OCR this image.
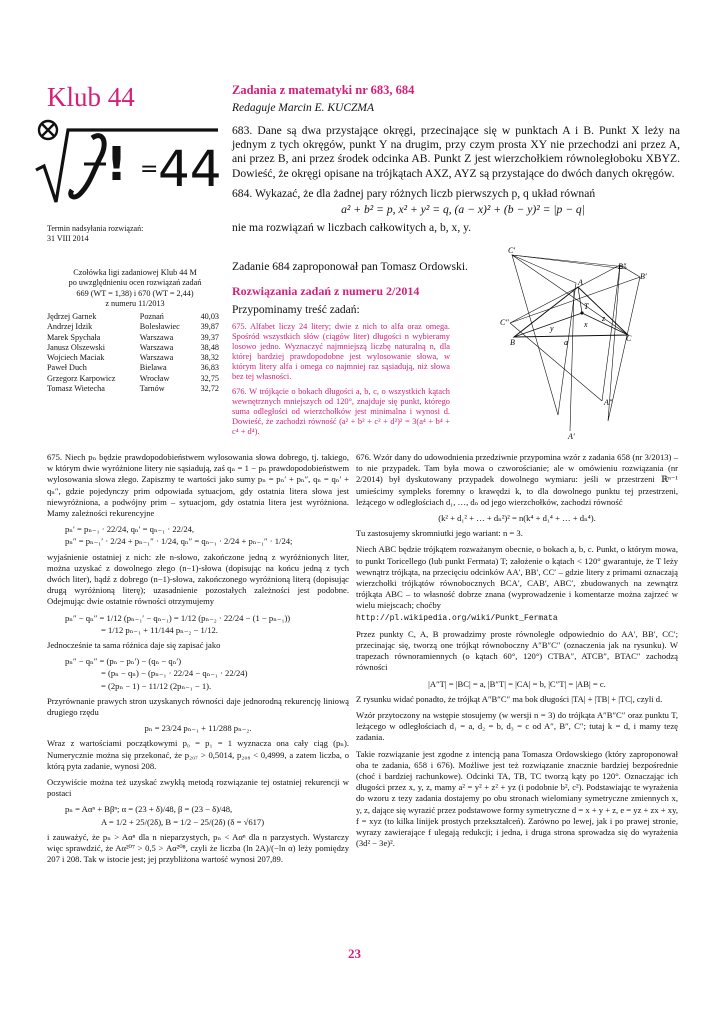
Klub 44
! = 44
Termin nadsyłania rozwiązań:
31 VIII 2014
Czołówka ligi zadaniowej Klub 44 M
po uwzględnieniu ocen rozwiązań zadań
669 (WT = 1,38) i 670 (WT = 2,44)
z numeru 11/2013
Jędrzej Garnek	Poznań	40,03
Andrzej Idzik	Bolesławiec	39,87
Marek Spychała	Warszawa	39,37
Janusz Olszewski	Warszawa	38,48
Wojciech Maciak	Warszawa	38,32
Paweł Duch	Bielawa	36,83
Grzegorz Karpowicz	Wrocław	32,75
Tomasz Wietecha	Tarnów	32,72
Zadania z matematyki nr 683, 684
Redaguje Marcin E. KUCZMA

683. Dane są dwa przystające okręgi, przecinające się w punktach A i B. Punkt X leży na jednym z tych okręgów, punkt Y na drugim, przy czym prosta XY nie przechodzi ani przez A, ani przez B, ani przez środek odcinka AB. Punkt Z jest wierzchołkiem równoległoboku XBYZ. Dowieść, że okręgi opisane na trójkątach AXZ, AYZ są przystające do dwóch danych okręgów.

684. Wykazać, że dla żadnej pary różnych liczb pierwszych p, q układ równań

a² + b² = p, x² + y² = q, (a − x)² + (b − y)² = |p − q|

nie ma rozwiązań w liczbach całkowitych a, b, x, y.

Zadanie 684 zaproponował pan Tomasz Ordowski.
Rozwiązania zadań z numeru 2/2014
Przypominamy treść zadań:
675. Alfabet liczy 24 litery; dwie z nich to alfa oraz omega. Spośród wszystkich słów (ciągów liter) długości n wybieramy losowo jedno. Wyznaczyć najmniejszą liczbę naturalną n, dla której bardziej prawdopodobne jest wylosowanie słowa, w którym litery alfa i omega co najmniej raz sąsiadują, niż słowa bez tej własności.
676. W trójkącie o bokach długości a, b, c, o wszystkich kątach wewnętrznych mniejszych od 120°, znajduje się punkt, którego suma odległości od wierzchołków jest minimalna i wynosi d. Dowieść, że zachodzi równość (a² + b² + c² + d²)² = 3(a⁴ + b⁴ + c⁴ + d⁴).
C′
B″
B′
A
T
C″
B	C
A″
A′
a
x
y
z

675. Niech pₙ będzie prawdopodobieństwem wylosowania słowa dobrego, tj. takiego, w którym dwie wyróżnione litery nie sąsiadują, zaś qₙ = 1 − pₙ prawdopodobieństwem wylosowania słowa złego. Zapiszmy te wartości jako sumy pₙ = pₙ′ + pₙ″, qₙ = qₙ′ + qₙ″, gdzie pojedynczy prim odpowiada sytuacjom, gdy ostatnia litera słowa jest niewyróżniona, a podwójny prim – sytuacjom, gdy ostatnia litera jest wyróżniona. Mamy zależności rekurencyjne

pₙ′ = pₙ₋₁ · 22/24, qₙ′ = qₙ₋₁ · 22/24,
pₙ″ = pₙ₋₁′ · 2/24 + pₙ₋₁″ · 1/24, qₙ″ = qₙ₋₁ · 2/24 + pₙ₋₁″ · 1/24;

wyjaśnienie ostatniej z nich: złe n-słowo, zakończone jedną z wyróżnionych liter, można uzyskać z dowolnego złego (n−1)-słowa (dopisując na końcu jedną z tych dwóch liter), bądź z dobrego (n−1)-słowa, zakończonego wyróżnioną literą (dopisując drugą wyróżnioną literę); uzasadnienie pozostałych zależności jest podobne. Odejmując dwie ostatnie równości otrzymujemy

pₙ″ − qₙ″ = 1/12 (pₙ₋₁′ − qₙ₋₁) = 1/12 (pₙ₋₂ · 22/24 − (1 − pₙ₋₁))
= 1/12 pₙ₋₁ + 11/144 pₙ₋₂ − 1/12.

Jednocześnie ta sama różnica daje się zapisać jako

pₙ″ − qₙ″ = (pₙ − pₙ′) − (qₙ − qₙ′)
= (pₙ − qₙ) − (pₙ₋₁ · 22/24 − qₙ₋₁ · 22/24)
= (2pₙ − 1) − 11/12 (2pₙ₋₁ − 1).

Przyrównanie prawych stron uzyskanych równości daje jednorodną rekurencję liniową drugiego rzędu

pₙ = 23/24 pₙ₋₁ + 11/288 pₙ₋₂.

Wraz z wartościami początkowymi p₀ = p₁ = 1 wyznacza ona cały ciąg (pₙ). Numerycznie można się przekonać, że p₂₀₇ > 0,5014, p₂₀₈ < 0,4999, a zatem liczba, o którą pyta zadanie, wynosi 208.

Oczywiście można też uzyskać zwykłą metodą rozwiązanie tej ostatniej rekurencji w postaci

pₙ = Aαⁿ + Bβⁿ; α = (23 + δ)/48, β = (23 − δ)/48,
A = 1/2 + 25/(2δ), B = 1/2 − 25/(2δ) (δ = √617)

i zauważyć, że pₙ > Aαⁿ dla n nieparzystych, pₙ < Aαⁿ dla n parzystych. Wystarczy więc sprawdzić, że Aα²⁰⁷ > 0,5 > Aα²⁰⁸, czyli że liczba (ln 2A)/(−ln α) leży pomiędzy 207 i 208. Tak w istocie jest; jej przybliżona wartość wynosi 207,89.

676. Wzór dany do udowodnienia przedziwnie przypomina wzór z zadania 658 (nr 3/2013) – to nie przypadek. Tam była mowa o czworościanie; ale w omówieniu rozwiązania (nr 2/2014) był dyskutowany przypadek dowolnego wymiaru: jeśli w przestrzeni ℝⁿ⁻¹ umieścimy sympleks foremny o krawędzi k, to dla dowolnego punktu tej przestrzeni, leżącego w odległościach d₁, …, dₙ od jego wierzchołków, zachodzi równość

(k² + d₁² + … + dₙ²)² = n(k⁴ + d₁⁴ + … + dₙ⁴).

Tu zastosujemy skromniutki jego wariant: n = 3.

Niech ABC będzie trójkątem rozważanym obecnie, o bokach a, b, c. Punkt, o którym mowa, to punkt Toricellego (lub punkt Fermata) T; założenie o kątach < 120° gwarantuje, że T leży wewnątrz trójkąta, na przecięciu odcinków AA′, BB′, CC′ – gdzie litery z primami oznaczają wierzchołki trójkątów równobocznych BCA′, CAB′, ABC′, zbudowanych na zewnątrz trójkąta ABC – to własność dobrze znana (wyprowadzenie i komentarze można zajrzeć w wielu miejscach; choćby

http://pl.wikipedia.org/wiki/Punkt_Fermata

Przez punkty C, A, B prowadzimy proste równoległe odpowiednio do AA′, BB′, CC′; przecinając się, tworzą one trójkąt równoboczny A″B″C″ (oznaczenia jak na rysunku). W trapezach równoramiennych (o kątach 60°, 120°) CTBA″, ATCB″, BTAC″ zachodzą równości

|A″T| = |BC| = a, |B″T| = |CA| = b, |C″T| = |AB| = c.

Z rysunku widać ponadto, że trójkąt A″B″C″ ma bok długości |TA| + |TB| + |TC|, czyli d.

Wzór przytoczony na wstępie stosujemy (w wersji n = 3) do trójkąta A″B″C″ oraz punktu T, leżącego w odległościach d₁ = a, d₂ = b, d₃ = c od A″, B″, C″; tutaj k = d, i mamy tezę zadania.

Takie rozwiązanie jest zgodne z intencją pana Tomasza Ordowskiego (który zaproponował oba te zadania, 658 i 676). Możliwe jest też rozwiązanie znacznie bardziej bezpośrednie (choć i bardziej rachunkowe). Odcinki TA, TB, TC tworzą kąty po 120°. Oznaczając ich długości przez x, y, z, mamy a² = y² + z² + yz (i podobnie b², c²). Podstawiając te wyrażenia do wzoru z tezy zadania dostajemy po obu stronach wielomiany symetryczne zmiennych x, y, z, dające się wyrazić przez podstawowe formy symetryczne d = x + y + z, e = yz + zx + xy, f = xyz (to kilka linijek prostych przekształceń). Zarówno po lewej, jak i po prawej stronie, wyrazy zawierające f ulegają redukcji; i jedna, i druga strona sprowadza się do wyrażenia (3d² − 3e)².

23
